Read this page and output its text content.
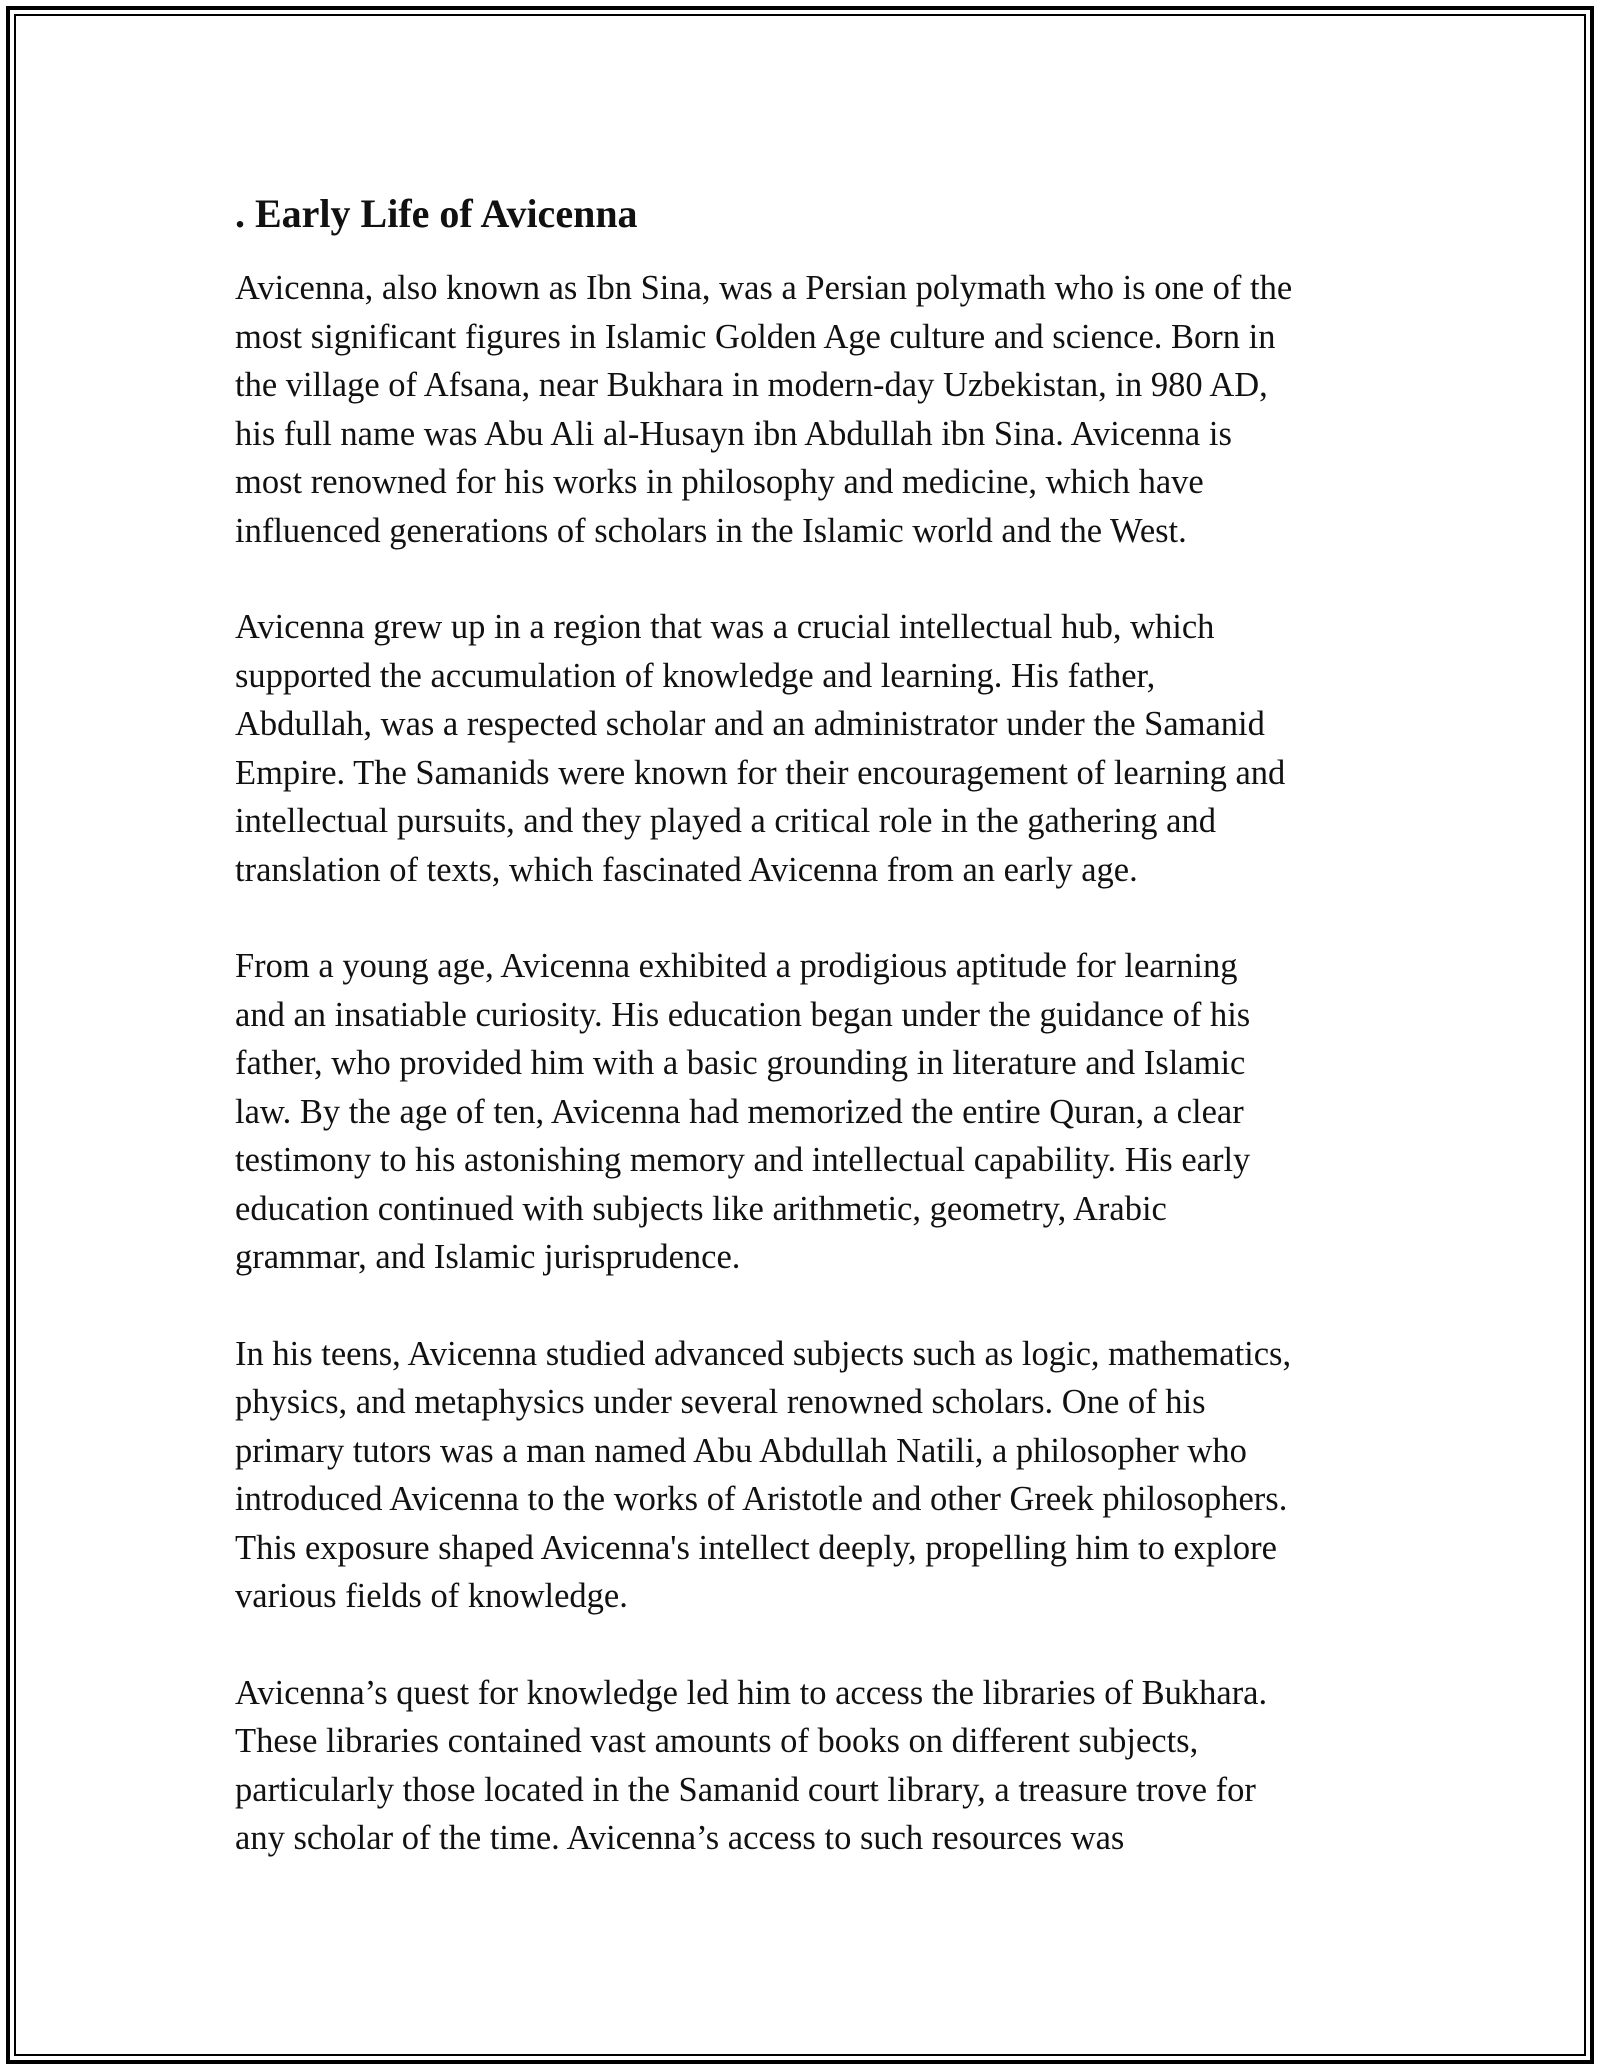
. Early Life of Avicenna

Avicenna, also known as Ibn Sina, was a Persian polymath who is one of the
most significant figures in Islamic Golden Age culture and science. Born in
the village of Afsana, near Bukhara in modern-day Uzbekistan, in 980 AD,
his full name was Abu Ali al-Husayn ibn Abdullah ibn Sina. Avicenna is
most renowned for his works in philosophy and medicine, which have
influenced generations of scholars in the Islamic world and the West.

Avicenna grew up in a region that was a crucial intellectual hub, which
supported the accumulation of knowledge and learning. His father,
Abdullah, was a respected scholar and an administrator under the Samanid
Empire. The Samanids were known for their encouragement of learning and
intellectual pursuits, and they played a critical role in the gathering and
translation of texts, which fascinated Avicenna from an early age.

From a young age, Avicenna exhibited a prodigious aptitude for learning
and an insatiable curiosity. His education began under the guidance of his
father, who provided him with a basic grounding in literature and Islamic
law. By the age of ten, Avicenna had memorized the entire Quran, a clear
testimony to his astonishing memory and intellectual capability. His early
education continued with subjects like arithmetic, geometry, Arabic
grammar, and Islamic jurisprudence.

In his teens, Avicenna studied advanced subjects such as logic, mathematics,
physics, and metaphysics under several renowned scholars. One of his
primary tutors was a man named Abu Abdullah Natili, a philosopher who
introduced Avicenna to the works of Aristotle and other Greek philosophers.
This exposure shaped Avicenna's intellect deeply, propelling him to explore
various fields of knowledge.

Avicenna’s quest for knowledge led him to access the libraries of Bukhara.
These libraries contained vast amounts of books on different subjects,
particularly those located in the Samanid court library, a treasure trove for
any scholar of the time. Avicenna’s access to such resources was
